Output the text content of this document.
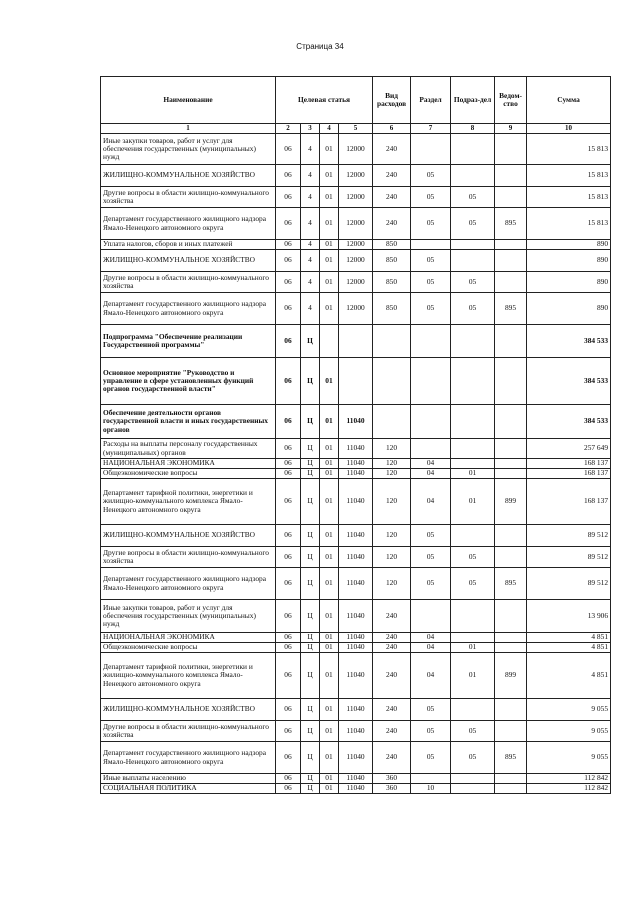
Страница 34
Наименование	Целевая статья				Вид расходов	Раздел	Подраз-дел	Ведом-ство	Сумма
1	2	3	4	5	6	7	8	9	10
Иные закупки товаров, работ и услуг для обеспечения государственных (муниципальных) нужд	06	4	01	12000	240				15 813
ЖИЛИЩНО-КОММУНАЛЬНОЕ ХОЗЯЙСТВО	06	4	01	12000	240	05			15 813
Другие вопросы в области жилищно-коммунального хозяйства	06	4	01	12000	240	05	05		15 813
Департамент государственного жилищного надзора Ямало-Ненецкого автономного округа	06	4	01	12000	240	05	05	895	15 813
Уплата налогов, сборов и иных платежей	06	4	01	12000	850				890
ЖИЛИЩНО-КОММУНАЛЬНОЕ ХОЗЯЙСТВО	06	4	01	12000	850	05			890
Другие вопросы в области жилищно-коммунального хозяйства	06	4	01	12000	850	05	05		890
Департамент государственного жилищного надзора Ямало-Ненецкого автономного округа	06	4	01	12000	850	05	05	895	890
Подпрограмма "Обеспечение реализации Государственной программы"	06	Ц							384 533
Основное мероприятие "Руководство и управление в сфере установленных функций органов государственной власти"	06	Ц	01						384 533
Обеспечение деятельности органов государственной власти и иных государственных органов	06	Ц	01	11040					384 533
Расходы на выплаты персоналу государственных (муниципальных) органов	06	Ц	01	11040	120				257 649
НАЦИОНАЛЬНАЯ ЭКОНОМИКА	06	Ц	01	11040	120	04			168 137
Общеэкономические вопросы	06	Ц	01	11040	120	04	01		168 137
Департамент тарифной политики, энергетики и жилищно-коммунального комплекса Ямало-Ненецкого автономного округа	06	Ц	01	11040	120	04	01	899	168 137
ЖИЛИЩНО-КОММУНАЛЬНОЕ ХОЗЯЙСТВО	06	Ц	01	11040	120	05			89 512
Другие вопросы в области жилищно-коммунального хозяйства	06	Ц	01	11040	120	05	05		89 512
Департамент государственного жилищного надзора Ямало-Ненецкого автономного округа	06	Ц	01	11040	120	05	05	895	89 512
Иные закупки товаров, работ и услуг для обеспечения государственных (муниципальных) нужд	06	Ц	01	11040	240				13 906
НАЦИОНАЛЬНАЯ ЭКОНОМИКА	06	Ц	01	11040	240	04			4 851
Общеэкономические вопросы	06	Ц	01	11040	240	04	01		4 851
Департамент тарифной политики, энергетики и жилищно-коммунального комплекса Ямало-Ненецкого автономного округа	06	Ц	01	11040	240	04	01	899	4 851
ЖИЛИЩНО-КОММУНАЛЬНОЕ ХОЗЯЙСТВО	06	Ц	01	11040	240	05			9 055
Другие вопросы в области жилищно-коммунального хозяйства	06	Ц	01	11040	240	05	05		9 055
Департамент государственного жилищного надзора Ямало-Ненецкого автономного округа	06	Ц	01	11040	240	05	05	895	9 055
Иные выплаты населению	06	Ц	01	11040	360				112 842
СОЦИАЛЬНАЯ ПОЛИТИКА	06	Ц	01	11040	360	10			112 842
